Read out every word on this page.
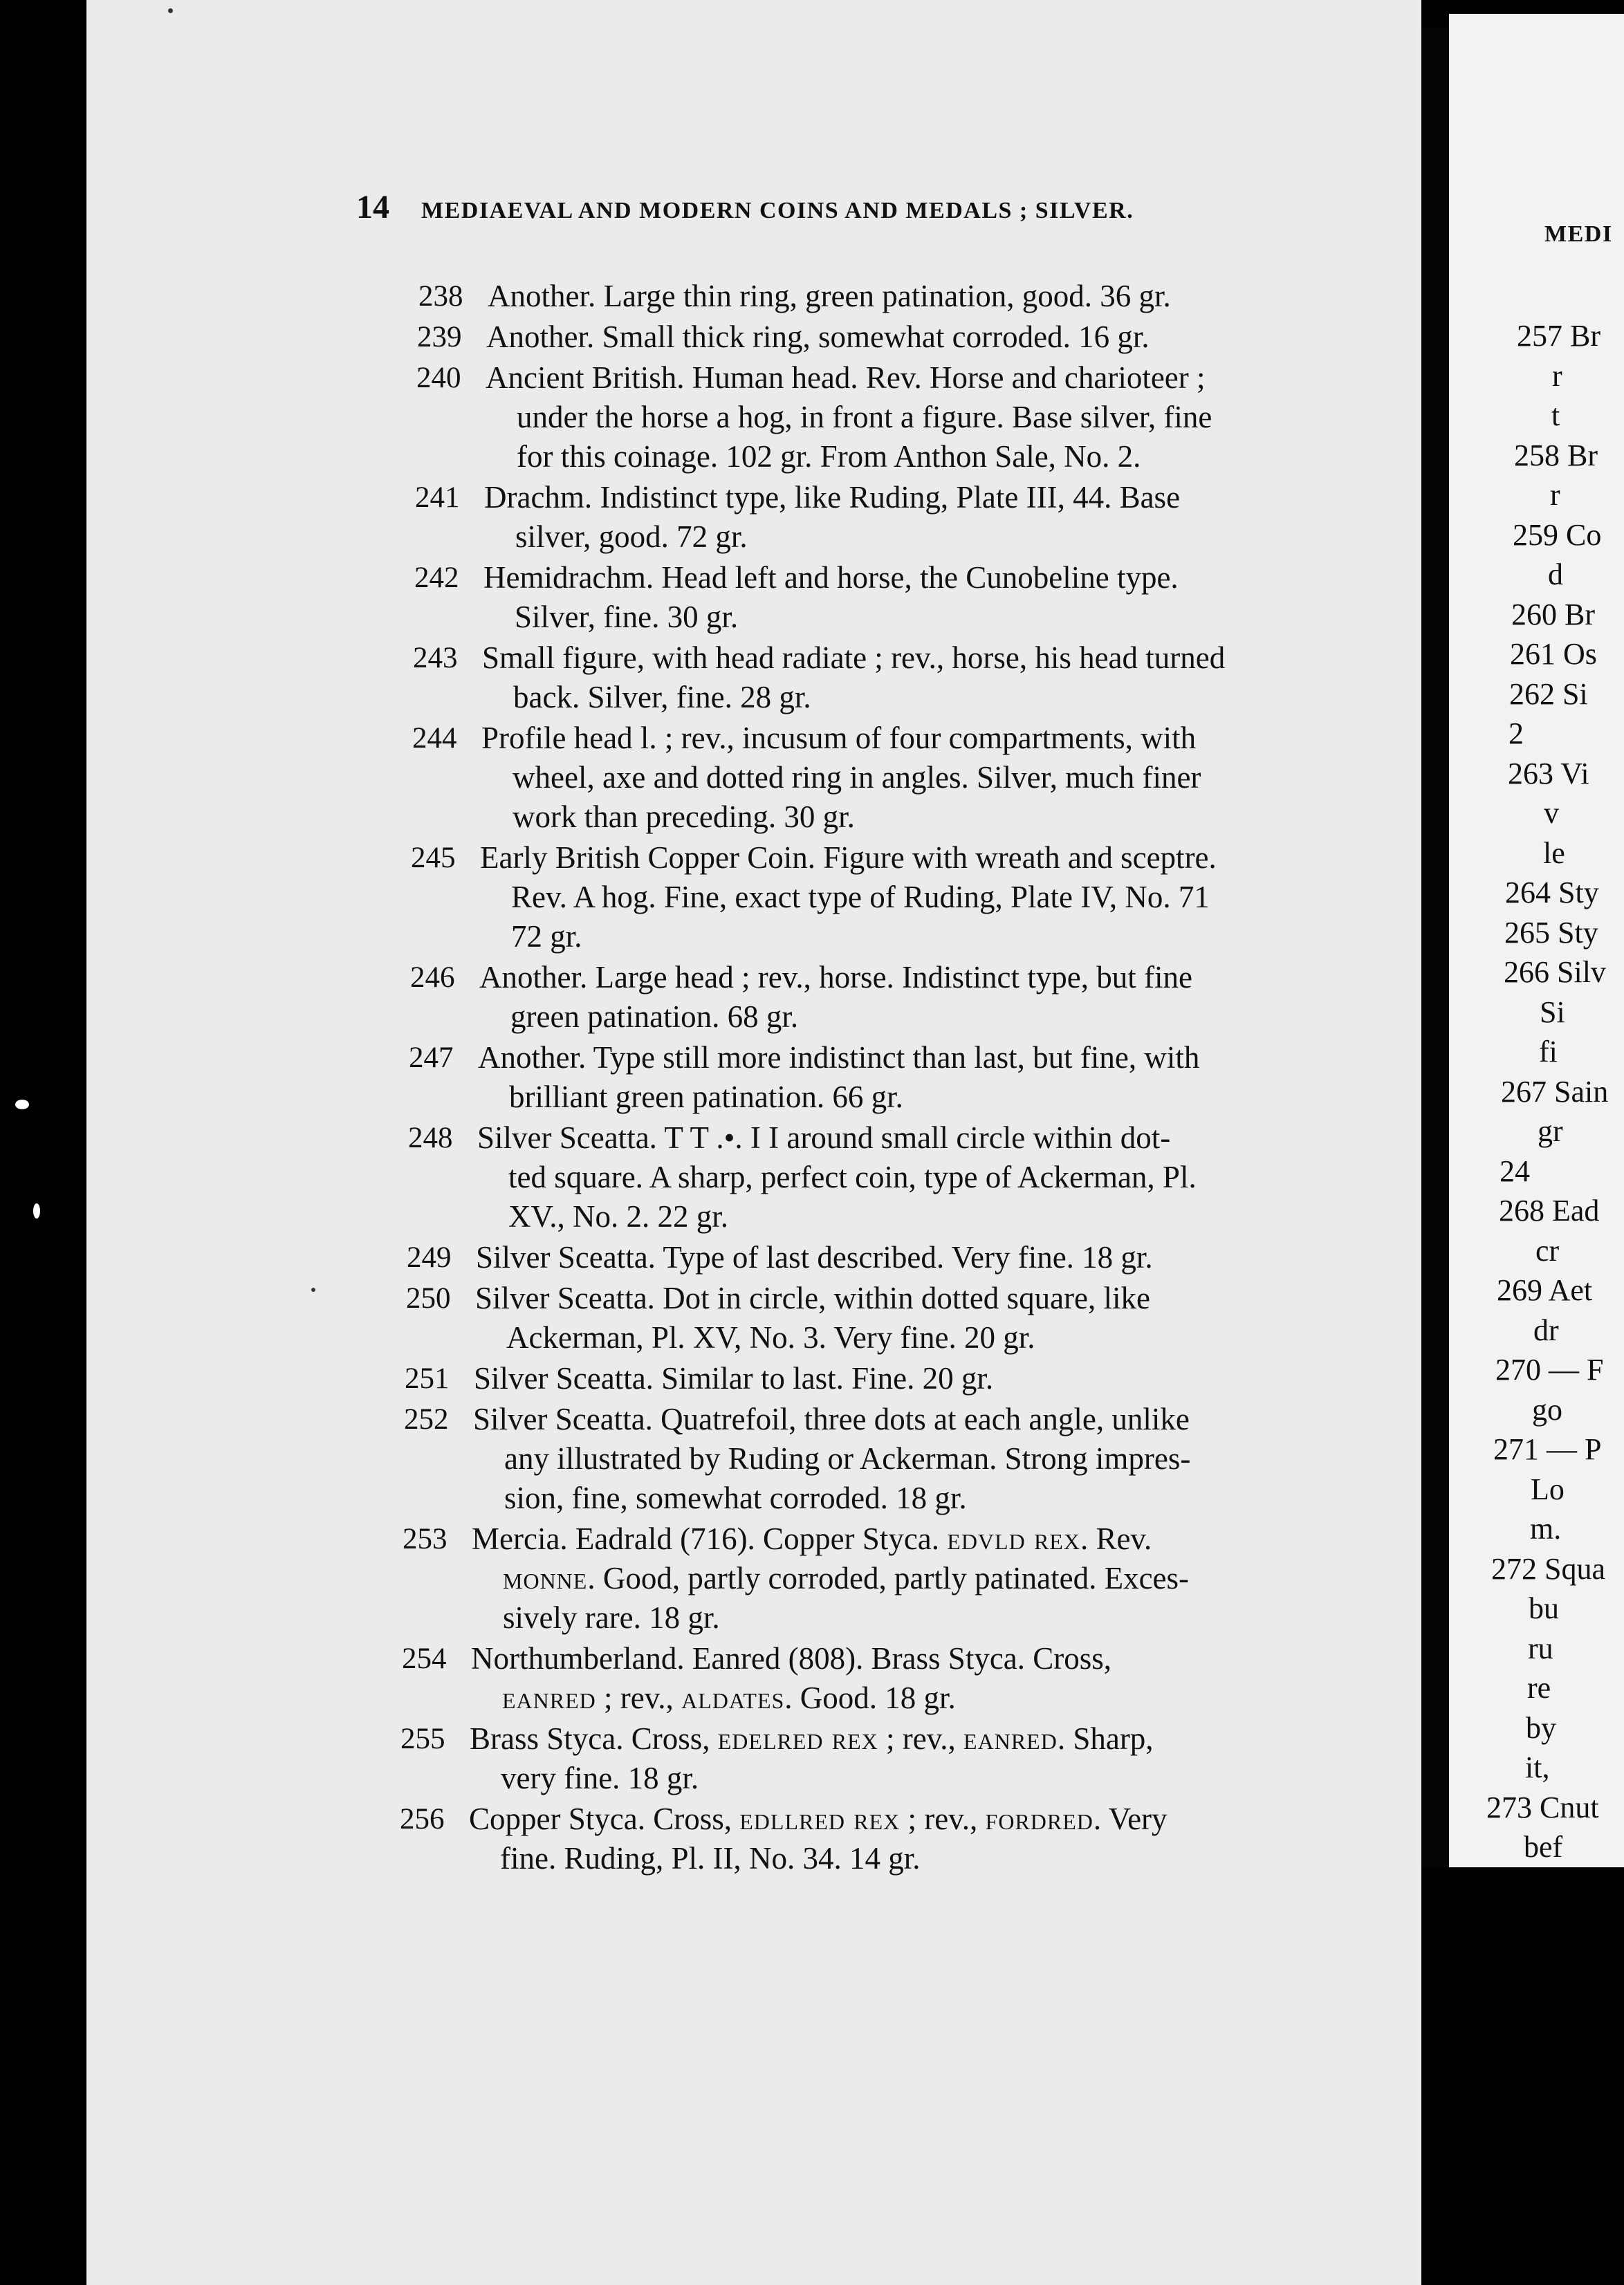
14 MEDIAEVAL AND MODERN COINS AND MEDALS ; SILVER.
238 Another. Large thin ring, green patination, good. 36 gr.
239 Another. Small thick ring, somewhat corroded. 16 gr.
240 Ancient British. Human head. Rev. Horse and charioteer ;
under the horse a hog, in front a figure. Base silver, fine
for this coinage. 102 gr. From Anthon Sale, No. 2.
241 Drachm. Indistinct type, like Ruding, Plate III, 44. Base
silver, good. 72 gr.
242 Hemidrachm. Head left and horse, the Cunobeline type.
Silver, fine. 30 gr.
243 Small figure, with head radiate ; rev., horse, his head turned
back. Silver, fine. 28 gr.
244 Profile head l. ; rev., incusum of four compartments, with
wheel, axe and dotted ring in angles. Silver, much finer
work than preceding. 30 gr.
245 Early British Copper Coin. Figure with wreath and sceptre.
Rev. A hog. Fine, exact type of Ruding, Plate IV, No. 71
72 gr.
246 Another. Large head ; rev., horse. Indistinct type, but fine
green patination. 68 gr.
247 Another. Type still more indistinct than last, but fine, with
brilliant green patination. 66 gr.
248 Silver Sceatta. T T .•. I I around small circle within dot-
ted square. A sharp, perfect coin, type of Ackerman, Pl.
XV., No. 2. 22 gr.
249 Silver Sceatta. Type of last described. Very fine. 18 gr.
250 Silver Sceatta. Dot in circle, within dotted square, like
Ackerman, Pl. XV, No. 3. Very fine. 20 gr.
251 Silver Sceatta. Similar to last. Fine. 20 gr.
252 Silver Sceatta. Quatrefoil, three dots at each angle, unlike
any illustrated by Ruding or Ackerman. Strong impres-
sion, fine, somewhat corroded. 18 gr.
253 Mercia. Eadrald (716). Copper Styca. edvld rex. Rev.
monne. Good, partly corroded, partly patinated. Exces-
sively rare. 18 gr.
254 Northumberland. Eanred (808). Brass Styca. Cross,
eanred ; rev., aldates. Good. 18 gr.
255 Brass Styca. Cross, edelred rex ; rev., eanred. Sharp,
very fine. 18 gr.
256 Copper Styca. Cross, edllred rex ; rev., fordred. Very
fine. Ruding, Pl. II, No. 34. 14 gr.
MEDI
257 Br
r
t
258 Br
r
259 Co
d
260 Br
261 Os
262 Si
2
263 Vi
v
le
264 Sty
265 Sty
266 Silv
Si
fi
267 Sain
gr
24
268 Ead
cr
269 Aet
dr
270 — F
go
271 — P
Lo
m.
272 Squa
bu
ru
re
by
it,
273 Cnut
bef
